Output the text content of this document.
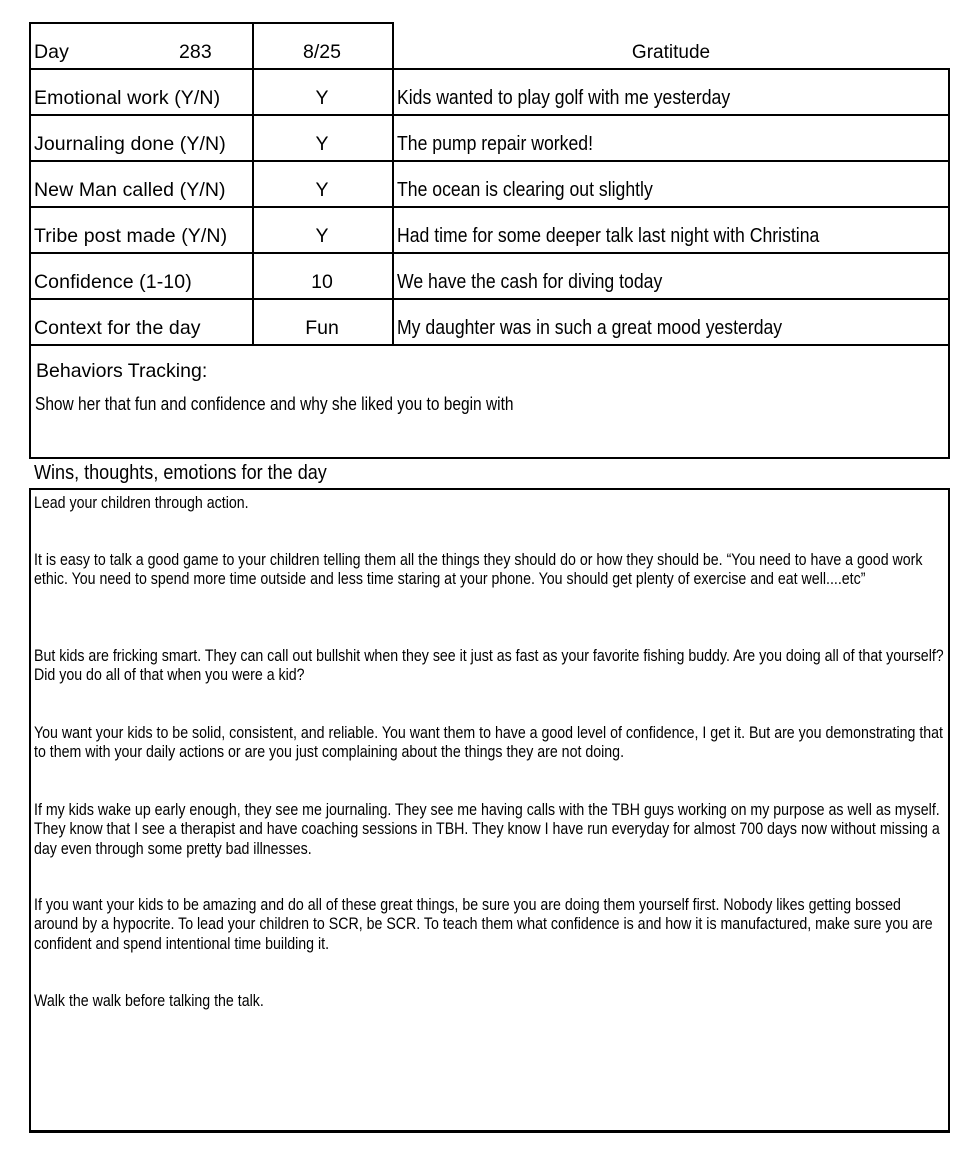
Day	283	8/25	Gratitude
Emotional work (Y/N)	Y	Kids wanted to play golf with me yesterday
Journaling done (Y/N)	Y	The pump repair worked!
New Man called (Y/N)	Y	The ocean is clearing out slightly
Tribe post made (Y/N)	Y	Had time for some deeper talk last night with Christina
Confidence (1-10)	10	We have the cash for diving today
Context for the day	Fun	My daughter was in such a great mood yesterday
Behaviors Tracking:
Show her that fun and confidence and why she liked you to begin with
Wins, thoughts, emotions for the day
Lead your children through action.
It is easy to talk a good game to your children telling them all the things they should do or how they should be. “You need to have a good work ethic. You need to spend more time outside and less time staring at your phone. You should get plenty of exercise and eat well....etc”
But kids are fricking smart. They can call out bullshit when they see it just as fast as your favorite fishing buddy. Are you doing all of that yourself? Did you do all of that when you were a kid?
You want your kids to be solid, consistent, and reliable. You want them to have a good level of confidence, I get it. But are you demonstrating that to them with your daily actions or are you just complaining about the things they are not doing.
If my kids wake up early enough, they see me journaling. They see me having calls with the TBH guys working on my purpose as well as myself. They know that I see a therapist and have coaching sessions in TBH. They know I have run everyday for almost 700 days now without missing a day even through some pretty bad illnesses.
If you want your kids to be amazing and do all of these great things, be sure you are doing them yourself first. Nobody likes getting bossed around by a hypocrite. To lead your children to SCR, be SCR. To teach them what confidence is and how it is manufactured, make sure you are confident and spend intentional time building it.
Walk the walk before talking the talk.
